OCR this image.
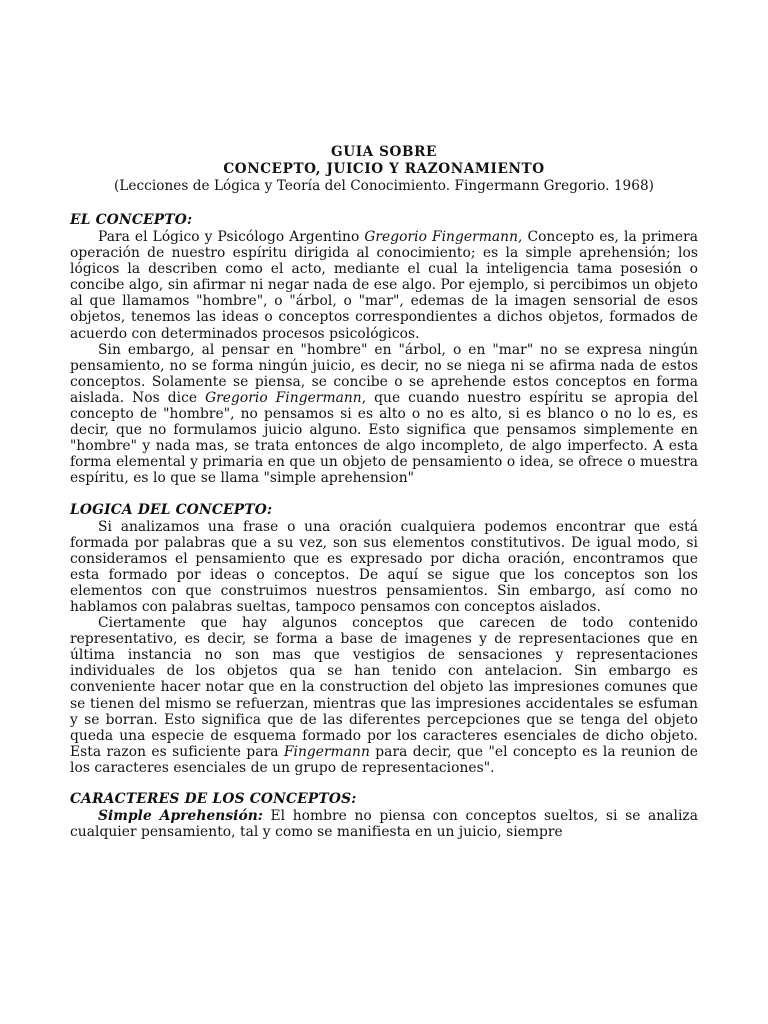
GUIA SOBRE
CONCEPTO, JUICIO Y RAZONAMIENTO
(Lecciones de Lógica y Teoría del Conocimiento. Fingermann Gregorio. 1968)
EL CONCEPTO:

Para el Lógico y Psicólogo Argentino Gregorio Fingermann, Concepto es, la primera operación de nuestro espíritu dirigida al conocimiento; es la simple aprehensión; los lógicos la describen como el acto, mediante el cual la inteligencia tama posesión o concibe algo, sin afirmar ni negar nada de ese algo. Por ejemplo, si percibimos un objeto al que llamamos "hombre", o "árbol, o "mar", edemas de la imagen sensorial de esos objetos, tenemos las ideas o conceptos correspondientes a dichos objetos, formados de acuerdo con determinados procesos psicológicos.

Sin embargo, al pensar en "hombre" en "árbol, o en "mar" no se expresa ningún pensamiento, no se forma ningún juicio, es decir, no se niega ni se afirma nada de estos conceptos. Solamente se piensa, se concibe o se aprehende estos conceptos en forma aislada. Nos dice Gregorio Fingermann, que cuando nuestro espíritu se apropia del concepto de "hombre", no pensamos si es alto o no es alto, si es blanco o no lo es, es decir, que no formulamos juicio alguno. Esto significa que pensamos simplemente en "hombre" y nada mas, se trata entonces de algo incompleto, de algo imperfecto. A esta forma elemental y primaria en que un objeto de pensamiento o idea, se ofrece o muestra espíritu, es lo que se llama "simple aprehension"

LOGICA DEL CONCEPTO:

Si analizamos una frase o una oración cualquiera podemos encontrar que está formada por palabras que a su vez, son sus elementos constitutivos. De igual modo, si consideramos el pensamiento que es expresado por dicha oración, encontramos que esta formado por ideas o conceptos. De aquí se sigue que los conceptos son los elementos con que construimos nuestros pensamientos. Sin embargo, así como no hablamos con palabras sueltas, tampoco pensamos con conceptos aislados.

Ciertamente que hay algunos conceptos que carecen de todo contenido representativo, es decir, se forma a base de imagenes y de representaciones que en última instancia no son mas que vestigios de sensaciones y representaciones individuales de los objetos qua se han tenido con antelacion. Sin embargo es conveniente hacer notar que en la construction del objeto las impresiones comunes que se tienen del mismo se refuerzan, mientras que las impresiones accidentales se esfuman y se borran. Esto significa que de las diferentes percepciones que se tenga del objeto queda una especie de esquema formado por los caracteres esenciales de dicho objeto. Esta razon es suficiente para Fingermann para decir, que "el concepto es la reunion de los caracteres esenciales de un grupo de representaciones".

CARACTERES DE LOS CONCEPTOS:

Simple Aprehensión: El hombre no piensa con conceptos sueltos, si se analiza cualquier pensamiento, tal y como se manifiesta en un juicio, siempre
